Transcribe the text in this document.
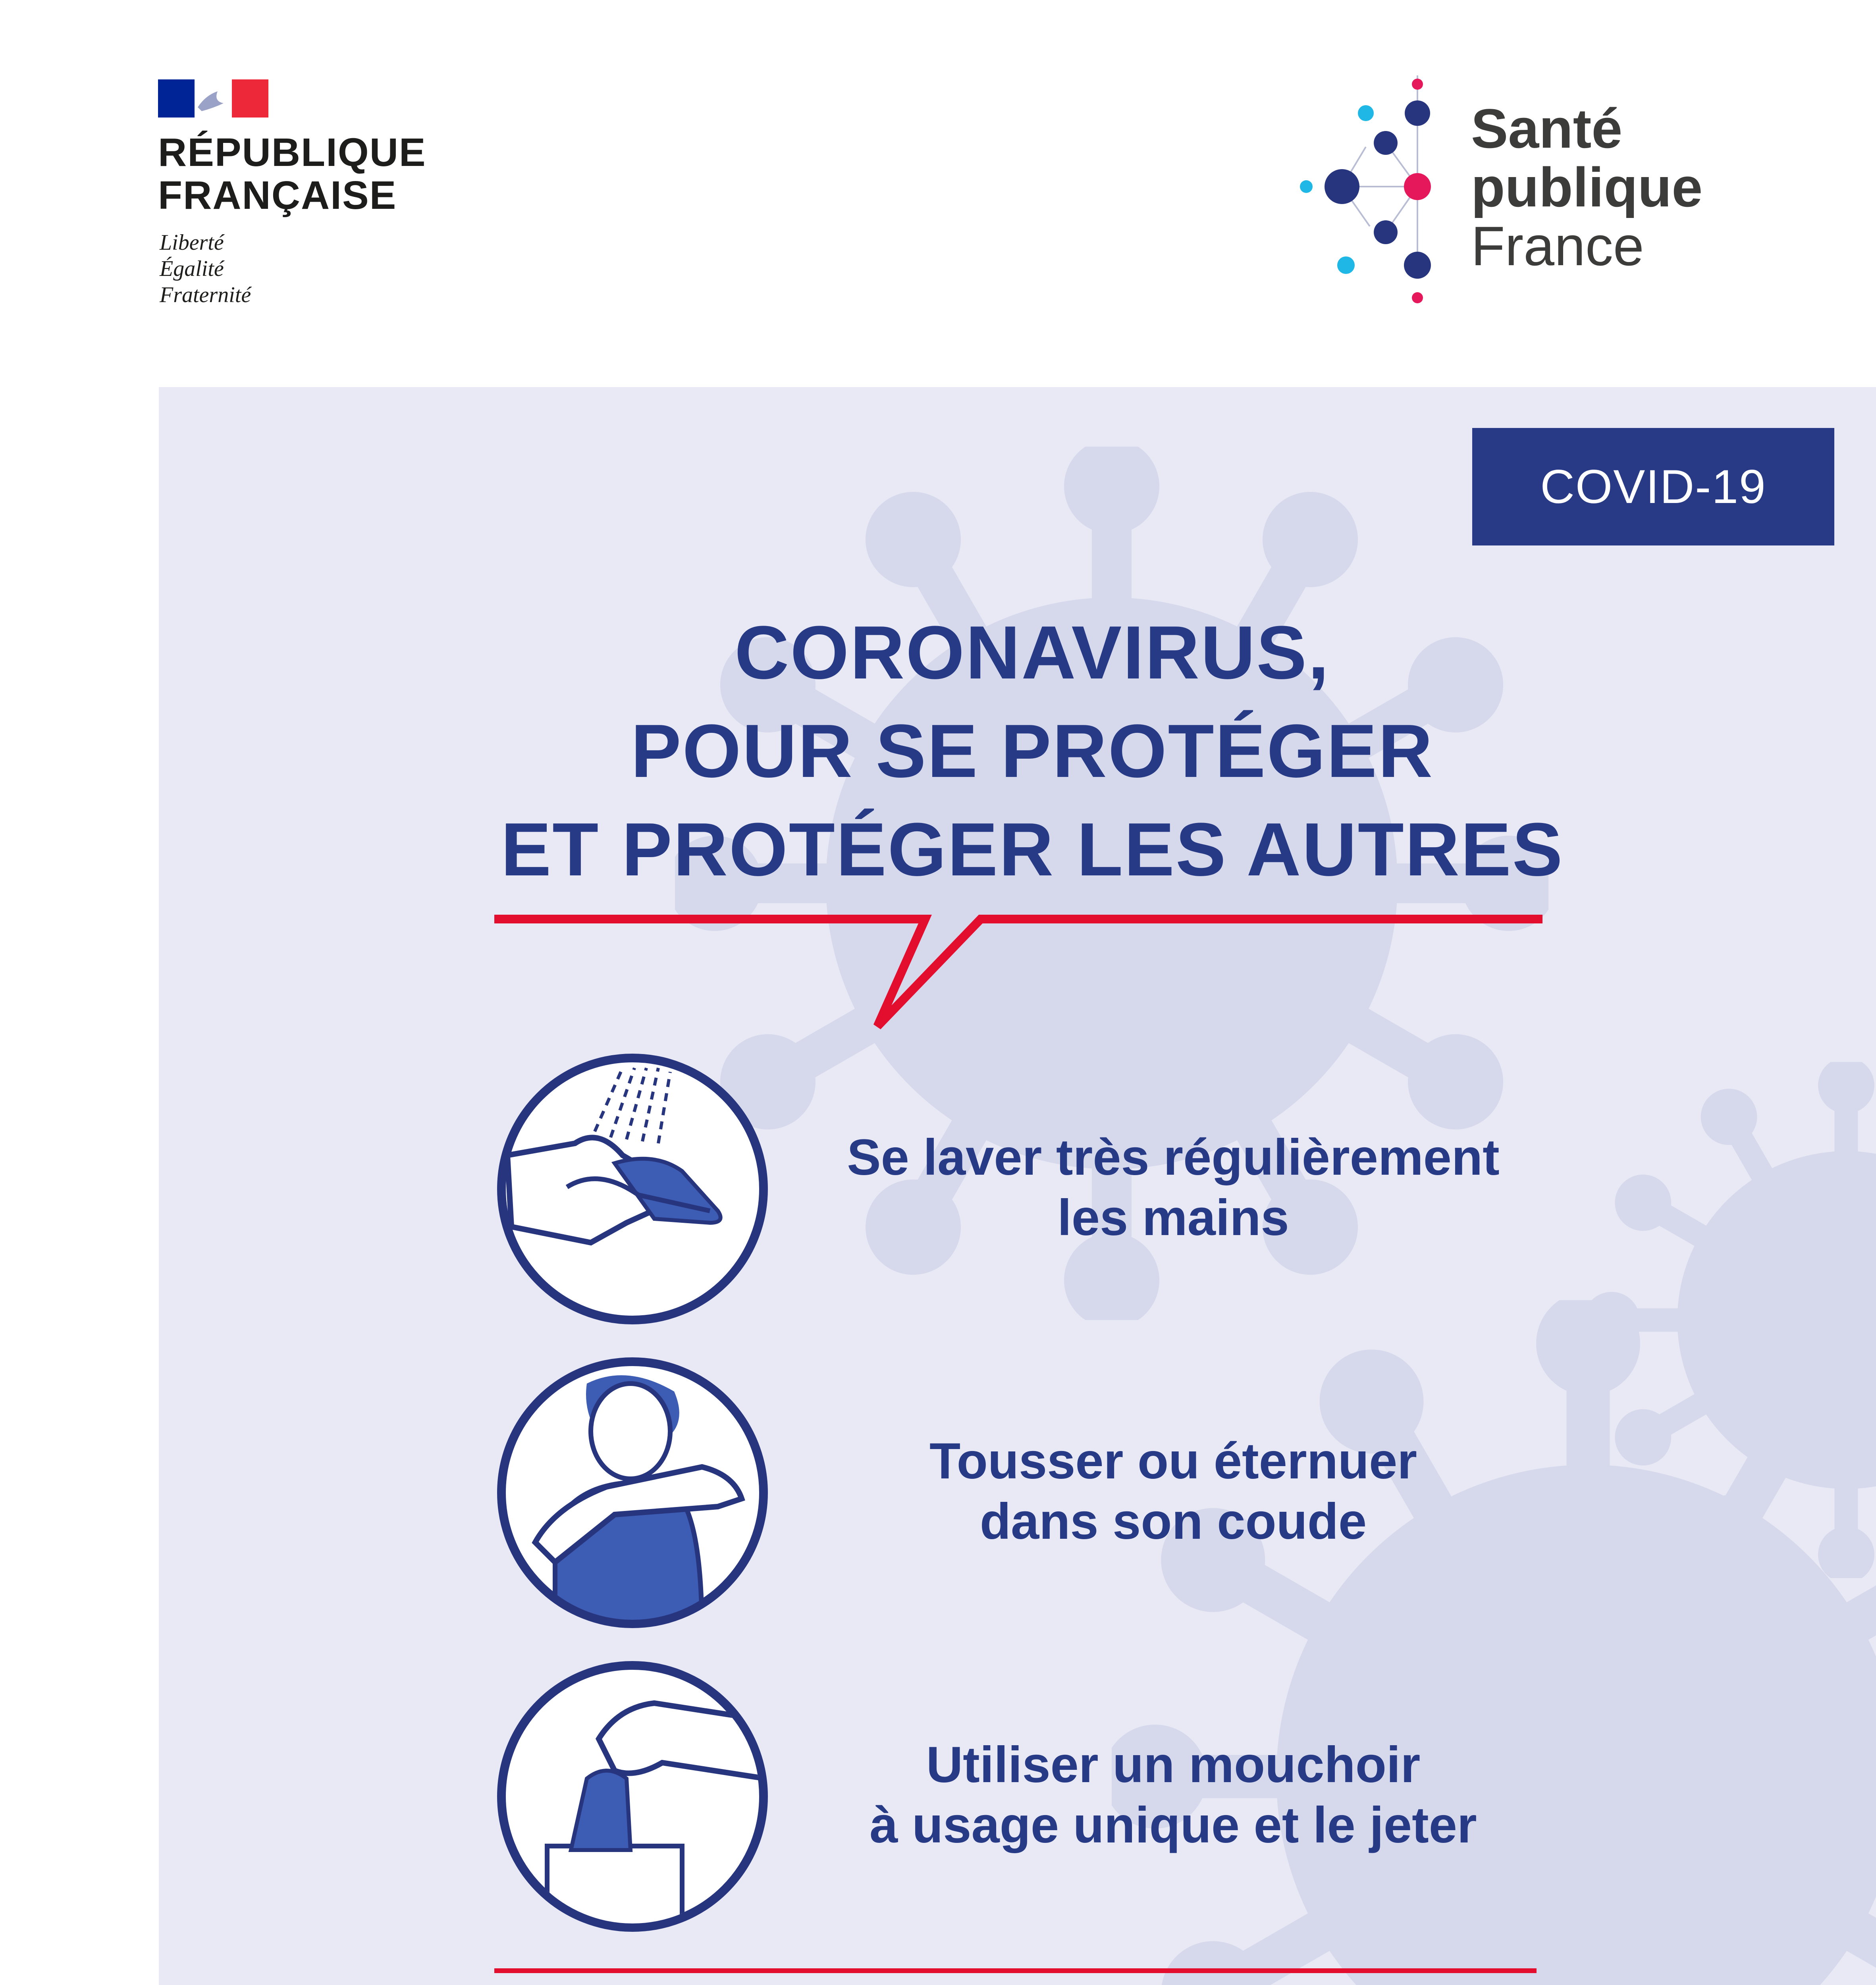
RÉPUBLIQUE
FRANÇAISE
Liberté
Égalité
Fraternité
Santé
publique
France
COVID-19
CORONAVIRUS,
POUR SE PROTÉGER
ET PROTÉGER LES AUTRES
Se laver très régulièrement
les mains
Tousser ou éternuer
dans son coude
Utiliser un mouchoir
à usage unique et le jeter
